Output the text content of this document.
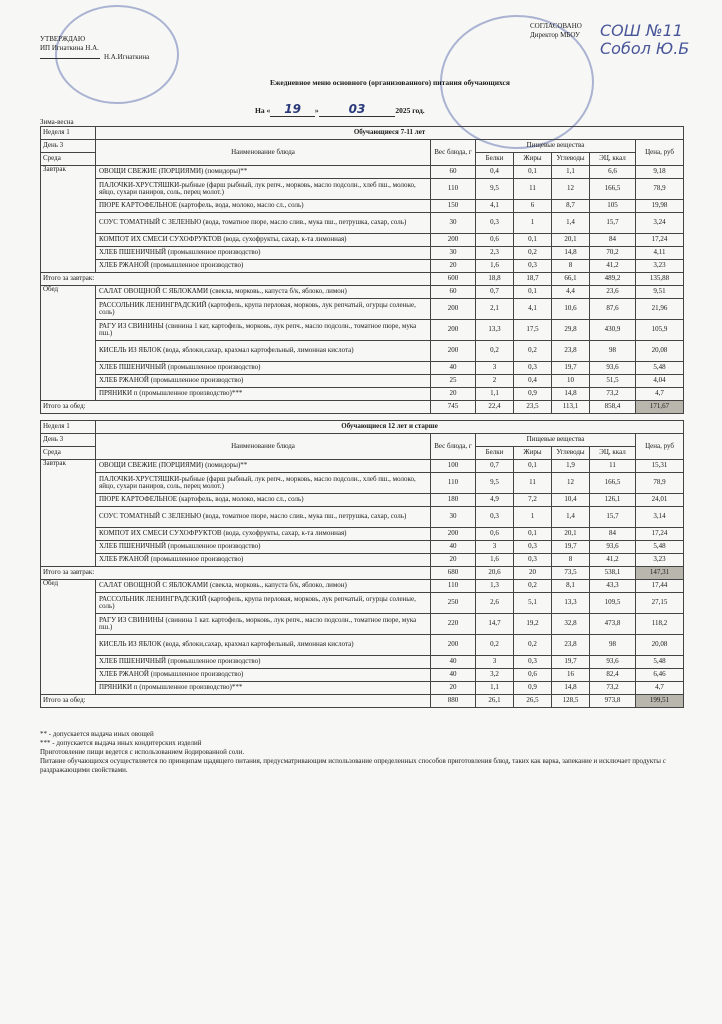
СОШ №11 Собол Ю.Б
УТВЕРЖДАЮ
ИП Игнаткина Н.А.
Н.А.Игнаткина
СОГЛАСОВАНО
Директор МБОУ
Ежедневное меню основного (организованного) питания обучающихся
На « 19 »	03	2025 год.
Зима-весна
Неделя 1	Обучающиеся 7-11 лет						
День 3	Наименование блюда	Вес блюда, г	Пищевые вещества				Цена, руб
Среда			Белки	Жиры	Углеводы	ЭЦ, ккал	
Завтрак	ОВОЩИ СВЕЖИЕ (ПОРЦИЯМИ) (помидоры)**	60	0,4	0,1	1,1	6,6	9,18
	ПАЛОЧКИ-ХРУСТЯШКИ-рыбные (фарш рыбный, лук репч., морковь, масло подсолн., хлеб пш., молоко, яйцо, сухари паниров, соль, перец молот.)	110	9,5	11	12	166,5	78,9
	ПЮРЕ КАРТОФЕЛЬНОЕ (картофель, вода, молоко, масло сл., соль)	150	4,1	6	8,7	105	19,98
	СОУС ТОМАТНЫЙ С ЗЕЛЕНЬЮ (вода, томатное пюре, масло слив., мука пш., петрушка, сахар, соль)	30	0,3	1	1,4	15,7	3,24
	КОМПОТ ИХ СМЕСИ СУХОФРУКТОВ (вода, сухофрукты, сахар, к-та лимонная)	200	0,6	0,1	20,1	84	17,24
	ХЛЕБ ПШЕНИЧНЫЙ (промышленное производство)	30	2,3	0,2	14,8	70,2	4,11
	ХЛЕБ РЖАНОЙ (промышленное производство)	20	1,6	0,3	8	41,2	3,23
Итого за завтрак:		600	18,8	18,7	66,1	489,2	135,88
Обед	САЛАТ ОВОЩНОЙ С ЯБЛОКАМИ (свекла, морковь., капуста б/к, яблоко, лимон)	60	0,7	0,1	4,4	23,6	9,51
	РАССОЛЬНИК ЛЕНИНГРАДСКИЙ (картофель, крупа перловая, морковь, лук репчатый, огурцы соленые, соль)	200	2,1	4,1	10,6	87,6	21,96
	РАГУ ИЗ СВИНИНЫ (свинина 1 кат, картофель, морковь, лук репч., масло подсолн., томатное пюре, мука пш.)	200	13,3	17,5	29,8	430,9	105,9
	КИСЕЛЬ ИЗ ЯБЛОК (вода, яблоки,сахар, крахмал картофельный, лимонная кислота)	200	0,2	0,2	23,8	98	20,08
	ХЛЕБ ПШЕНИЧНЫЙ (промышленное производство)	40	3	0,3	19,7	93,6	5,48
	ХЛЕБ РЖАНОЙ (промышленное производство)	25	2	0,4	10	51,5	4,04
	ПРЯНИКИ п (промышленное производство)***	20	1,1	0,9	14,8	73,2	4,7
Итого за обед:		745	22,4	23,5	113,1	858,4	171,67
Неделя 1	Обучающиеся 12 лет и старше						
День 3	Наименование блюда	Вес блюда, г	Пищевые вещества				Цена, руб
Среда			Белки	Жиры	Углеводы	ЭЦ, ккал	
Завтрак	ОВОЩИ СВЕЖИЕ (ПОРЦИЯМИ) (помидоры)**	100	0,7	0,1	1,9	11	15,31
	ПАЛОЧКИ-ХРУСТЯШКИ-рыбные (фарш рыбный, лук репч., морковь, масло подсолн., хлеб пш., молоко, яйцо, сухари паниров, соль, перец молот.)	110	9,5	11	12	166,5	78,9
	ПЮРЕ КАРТОФЕЛЬНОЕ (картофель, вода, молоко, масло сл., соль)	180	4,9	7,2	10,4	126,1	24,01
	СОУС ТОМАТНЫЙ С ЗЕЛЕНЬЮ (вода, томатное пюре, масло слив., мука пш., петрушка, сахар, соль)	30	0,3	1	1,4	15,7	3,14
	КОМПОТ ИХ СМЕСИ СУХОФРУКТОВ (вода, сухофрукты, сахар, к-та лимонная)	200	0,6	0,1	20,1	84	17,24
	ХЛЕБ ПШЕНИЧНЫЙ (промышленное производство)	40	3	0,3	19,7	93,6	5,48
	ХЛЕБ РЖАНОЙ (промышленное производство)	20	1,6	0,3	8	41,2	3,23
Итого за завтрак:		680	20,6	20	73,5	538,1	147,31
Обед	САЛАТ ОВОЩНОЙ С ЯБЛОКАМИ (свекла, морковь., капуста б/к, яблоко, лимон)	110	1,3	0,2	8,1	43,3	17,44
	РАССОЛЬНИК ЛЕНИНГРАДСКИЙ (картофель, крупа перловая, морковь, лук репчатый, огурцы соленые, соль)	250	2,6	5,1	13,3	109,5	27,15
	РАГУ ИЗ СВИНИНЫ (свинина 1 кат. картофель, морковь, лук репч., масло подсолн., томатное пюре, мука пш.)	220	14,7	19,2	32,8	473,8	118,2
	КИСЕЛЬ ИЗ ЯБЛОК (вода, яблоки,сахар, крахмал картофельный, лимонная кислота)	200	0,2	0,2	23,8	98	20,08
	ХЛЕБ ПШЕНИЧНЫЙ (промышленное производство)	40	3	0,3	19,7	93,6	5,48
	ХЛЕБ РЖАНОЙ (промышленное производство)	40	3,2	0,6	16	82,4	6,46
	ПРЯНИКИ п (промышленное производство)***	20	1,1	0,9	14,8	73,2	4,7
Итого за обед:		880	26,1	26,5	128,5	973,8	199,51
** - допускается выдача иных овощей
*** - допускается выдача иных кондитерских изделий
Приготовление пищи ведется с использованием йодированной соли.
Питание обучающихся осуществляется по принципам щадящего питания, предусматривающим использование определенных способов приготовления блюд, таких как варка, запекание и исключает продукты с раздражающими свойствами.
